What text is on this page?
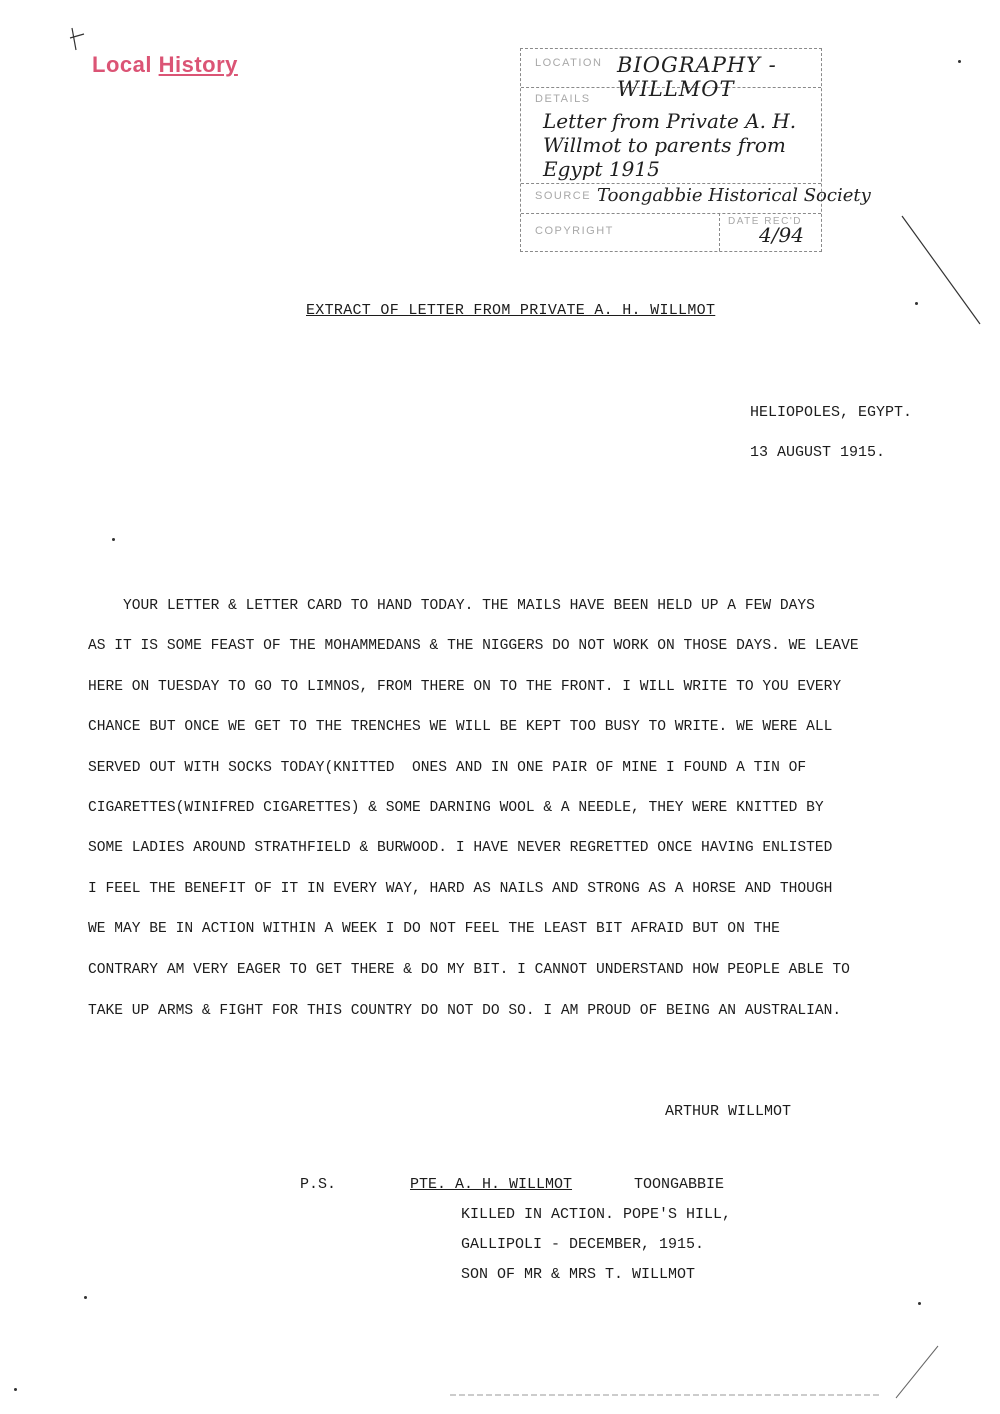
Local History	LOCATION BIOGRAPHY - WILLMOT
DETAILS
Letter from Private A. H. Willmot to parents from Egypt 1915
SOURCE Toongabbie Historical Society
COPYRIGHT
DATE REC'D
4/94
EXTRACT OF LETTER FROM PRIVATE A. H. WILLMOT
HELIOPOLES, EGYPT.
13 AUGUST 1915.
YOUR LETTER & LETTER CARD TO HAND TODAY. THE MAILS HAVE BEEN HELD UP A FEW DAYS
AS IT IS SOME FEAST OF THE MOHAMMEDANS & THE NIGGERS DO NOT WORK ON THOSE DAYS. WE LEAVE
HERE ON TUESDAY TO GO TO LIMNOS, FROM THERE ON TO THE FRONT. I WILL WRITE TO YOU EVERY
CHANCE BUT ONCE WE GET TO THE TRENCHES WE WILL BE KEPT TOO BUSY TO WRITE. WE WERE ALL
SERVED OUT WITH SOCKS TODAY(KNITTED  ONES AND IN ONE PAIR OF MINE I FOUND A TIN OF
CIGARETTES(WINIFRED CIGARETTES) & SOME DARNING WOOL & A NEEDLE, THEY WERE KNITTED BY
SOME LADIES AROUND STRATHFIELD & BURWOOD. I HAVE NEVER REGRETTED ONCE HAVING ENLISTED
I FEEL THE BENEFIT OF IT IN EVERY WAY, HARD AS NAILS AND STRONG AS A HORSE AND THOUGH
WE MAY BE IN ACTION WITHIN A WEEK I DO NOT FEEL THE LEAST BIT AFRAID BUT ON THE
CONTRARY AM VERY EAGER TO GET THERE & DO MY BIT. I CANNOT UNDERSTAND HOW PEOPLE ABLE TO
TAKE UP ARMS & FIGHT FOR THIS COUNTRY DO NOT DO SO. I AM PROUD OF BEING AN AUSTRALIAN.
ARTHUR WILLMOT
P.S.	PTE. A. H. WILLMOT	TOONGABBIE
KILLED IN ACTION. POPE'S HILL,
GALLIPOLI - DECEMBER, 1915.
SON OF MR & MRS T. WILLMOT
